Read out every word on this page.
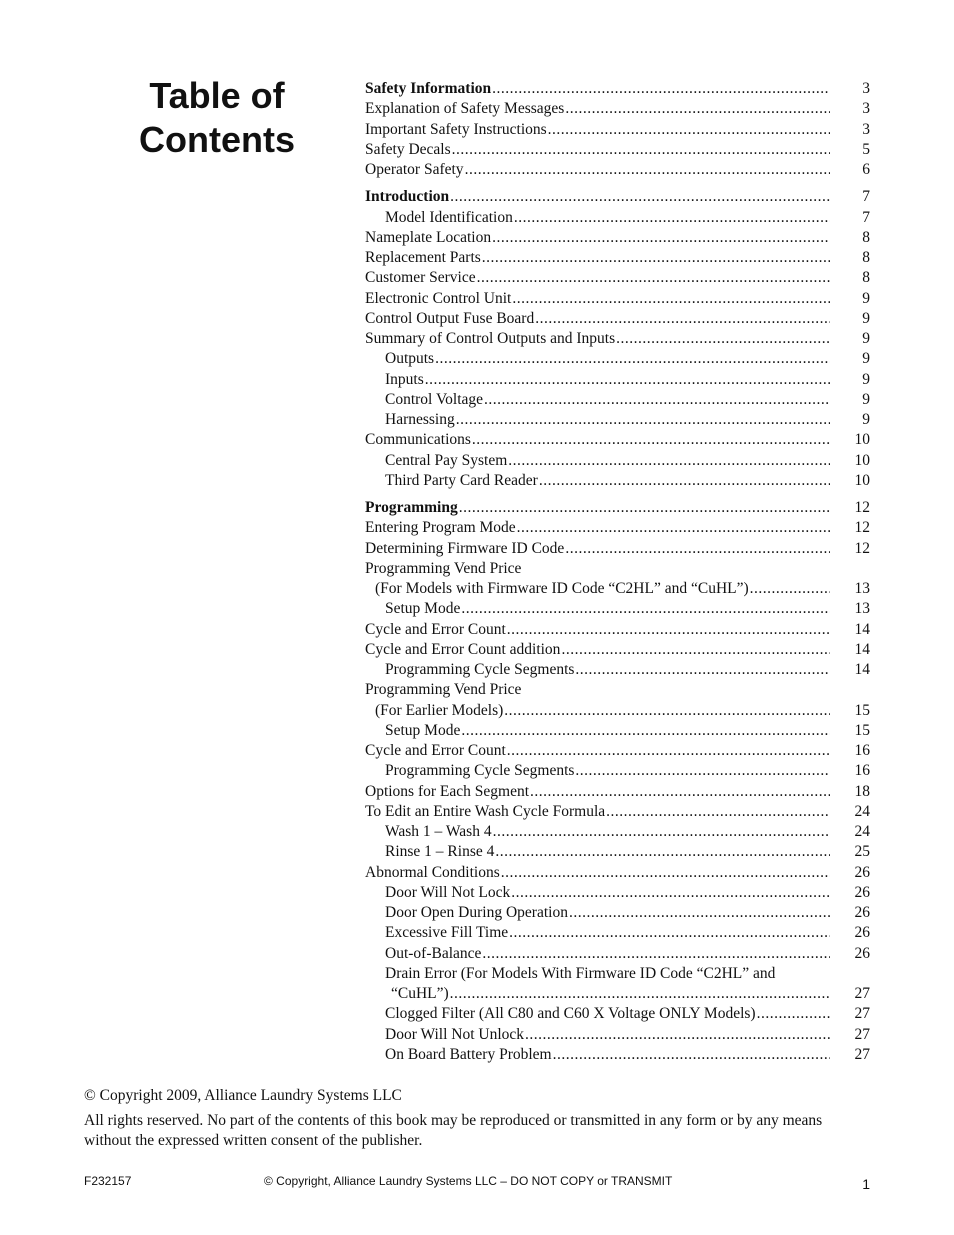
Table of
Contents
Safety Information .....	3
Explanation of Safety Messages .....	3
Important Safety Instructions .....	3
Safety Decals .....	5
Operator Safety .....	6
Introduction .....	7
Model Identification .....	7
Nameplate Location .....	8
Replacement Parts .....	8
Customer Service .....	8
Electronic Control Unit .....	9
Control Output Fuse Board .....	9
Summary of Control Outputs and Inputs .....	9
Outputs .....	9
Inputs .....	9
Control Voltage .....	9
Harnessing .....	9
Communications .....	10
Central Pay System .....	10
Third Party Card Reader .....	10
Programming .....	12
Entering Program Mode .....	12
Determining Firmware ID Code .....	12
Programming Vend Price
(For Models with Firmware ID Code “C2HL” and “CuHL”) .....	13
Setup Mode .....	13
Cycle and Error Count .....	14
Cycle and Error Count addition .....	14
Programming Cycle Segments .....	14
Programming Vend Price
(For Earlier Models) .....	15
Setup Mode .....	15
Cycle and Error Count .....	16
Programming Cycle Segments .....	16
Options for Each Segment .....	18
To Edit an Entire Wash Cycle Formula .....	24
Wash 1 – Wash 4 .....	24
Rinse 1 – Rinse 4 .....	25
Abnormal Conditions .....	26
Door Will Not Lock .....	26
Door Open During Operation .....	26
Excessive Fill Time .....	26
Out-of-Balance .....	26
Drain Error (For Models With Firmware ID Code “C2HL” and
“CuHL”) .....	27
Clogged Filter (All C80 and C60 X Voltage ONLY Models) .....	27
Door Will Not Unlock .....	27
On Board Battery Problem .....	27

© Copyright 2009, Alliance Laundry Systems LLC

All rights reserved. No part of the contents of this book may be reproduced or transmitted in any form or by any means without the expressed written consent of the publisher.

F232157	© Copyright, Alliance Laundry Systems LLC – DO NOT COPY or TRANSMIT	1
